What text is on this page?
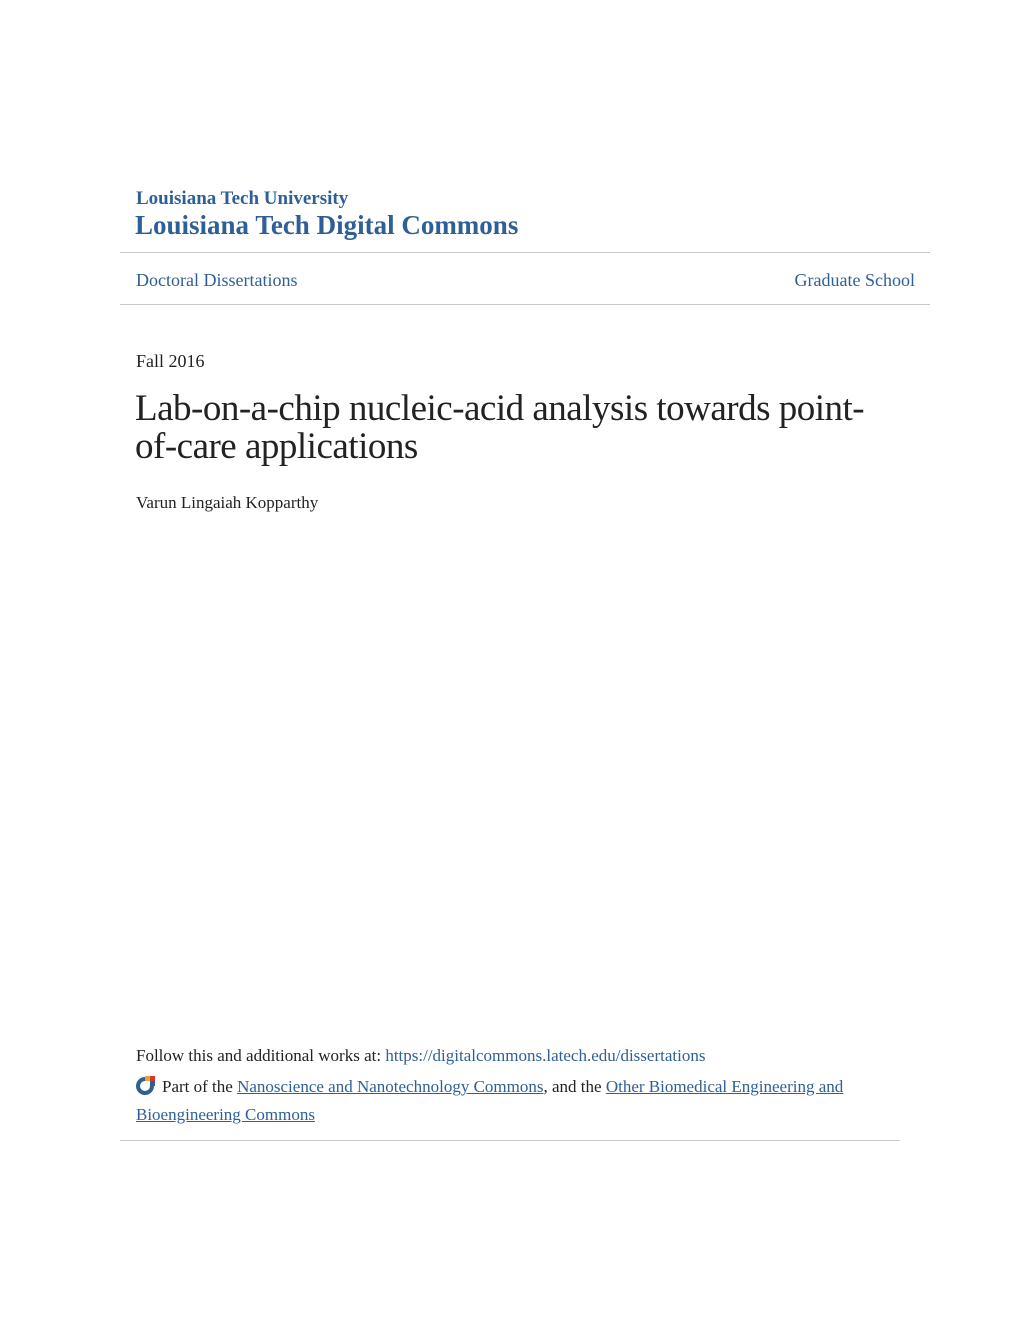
Louisiana Tech University
Louisiana Tech Digital Commons
Doctoral Dissertations	Graduate School
Fall 2016
Lab-on-a-chip nucleic-acid analysis towards point-
of-care applications
Varun Lingaiah Kopparthy
Follow this and additional works at: https://digitalcommons.latech.edu/dissertations
Part of the Nanoscience and Nanotechnology Commons, and the Other Biomedical Engineering and Bioengineering Commons
